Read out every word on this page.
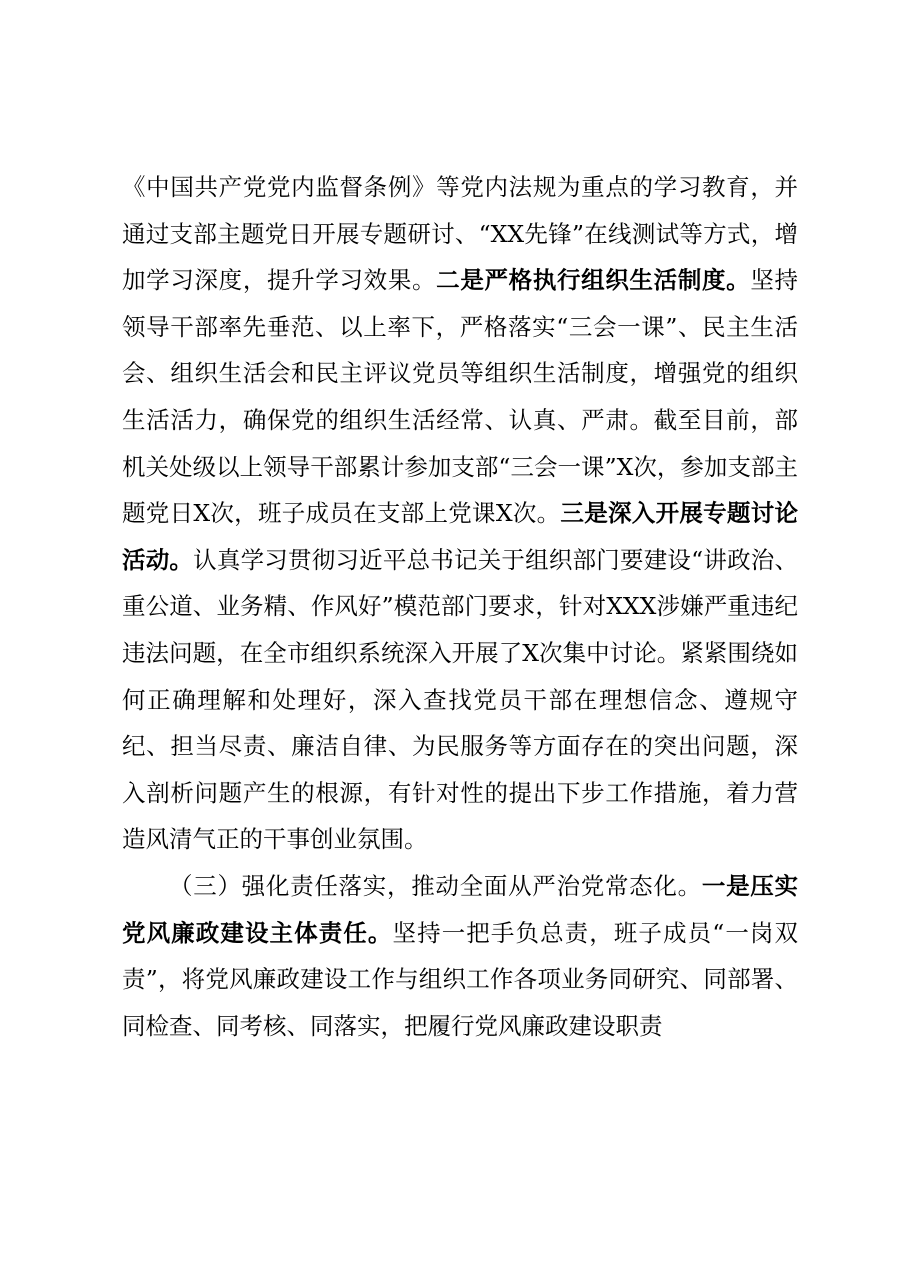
《中国共产党党内监督条例》等党内法规为重点的学习教育，并通过支部主题党日开展专题研讨、“XX先锋”在线测试等方式，增加学习深度，提升学习效果。二是严格执行组织生活制度。坚持领导干部率先垂范、以上率下，严格落实“三会一课”、民主生活会、组织生活会和民主评议党员等组织生活制度，增强党的组织生活活力，确保党的组织生活经常、认真、严肃。截至目前，部机关处级以上领导干部累计参加支部“三会一课”X次，参加支部主题党日X次，班子成员在支部上党课X次。三是深入开展专题讨论活动。认真学习贯彻习近平总书记关于组织部门要建设“讲政治、重公道、业务精、作风好”模范部门要求，针对XXX涉嫌严重违纪违法问题，在全市组织系统深入开展了X次集中讨论。紧紧围绕如何正确理解和处理好，深入查找党员干部在理想信念、遵规守纪、担当尽责、廉洁自律、为民服务等方面存在的突出问题，深入剖析问题产生的根源，有针对性的提出下步工作措施，着力营造风清气正的干事创业氛围。

（三）强化责任落实，推动全面从严治党常态化。一是压实党风廉政建设主体责任。坚持一把手负总责，班子成员“一岗双责”，将党风廉政建设工作与组织工作各项业务同研究、同部署、同检查、同考核、同落实，把履行党风廉政建设职责
